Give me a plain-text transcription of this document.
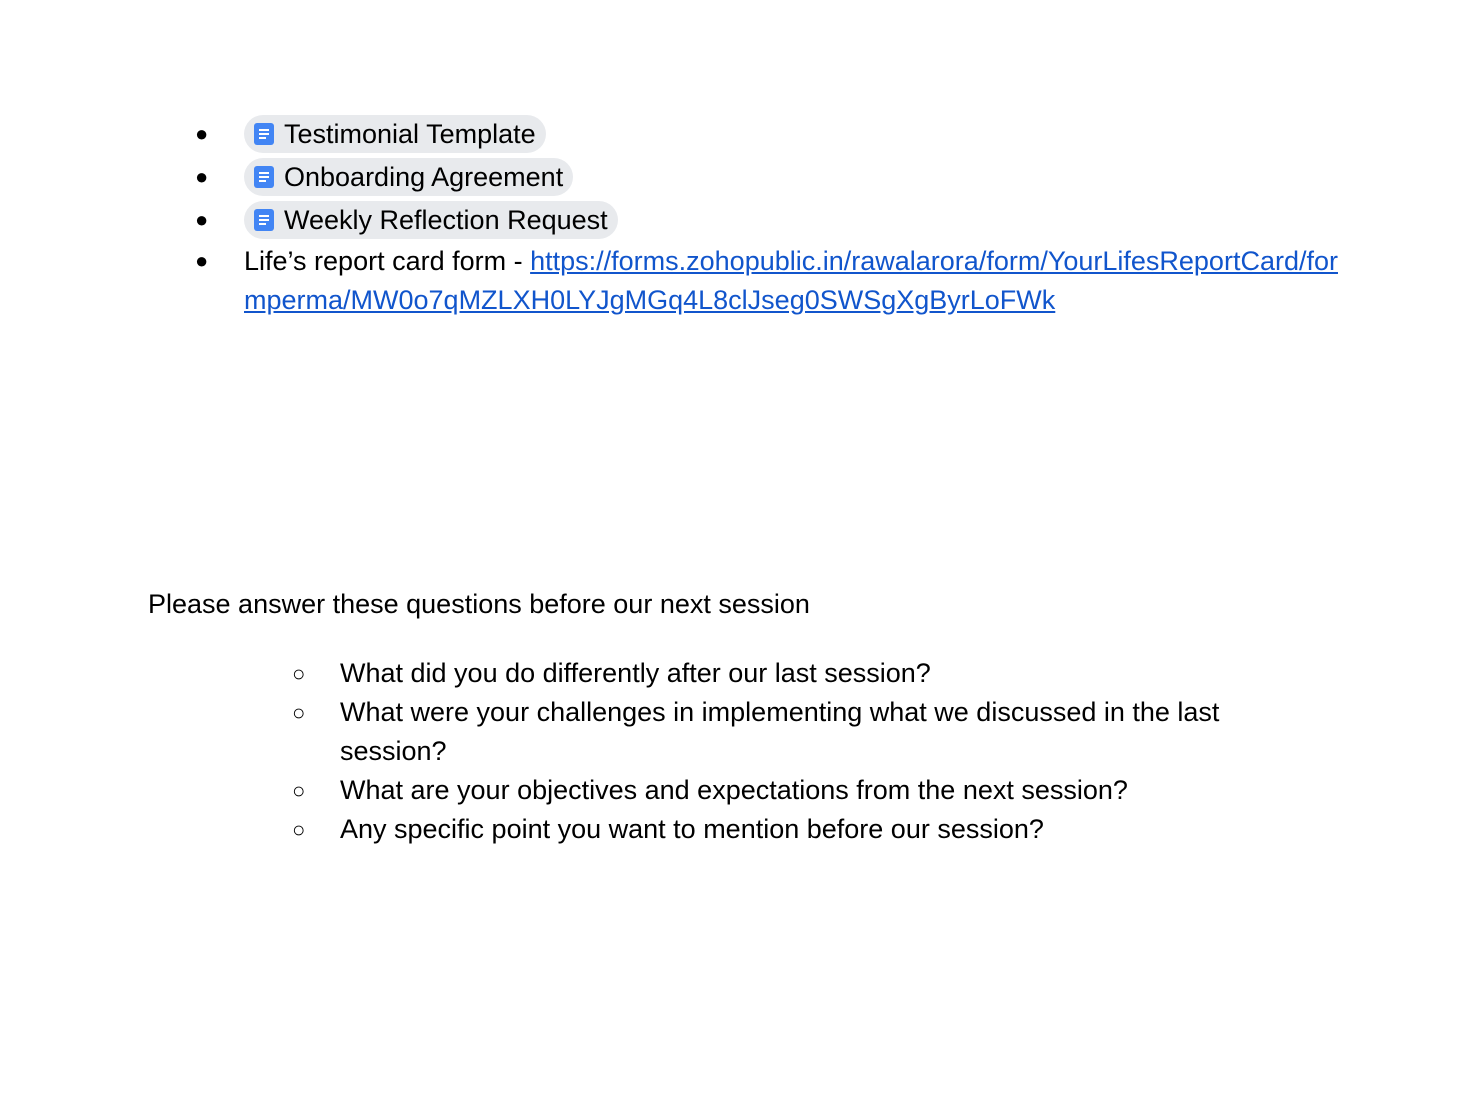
●	Testimonial Template
●	Onboarding Agreement
●	Weekly Reflection Request
● Life’s report card form - https://forms.zohopublic.in/rawalarora/form/YourLifesReportCard/formperma/MW0o7qMZLXH0LYJgMGq4L8clJseg0SWSgXgByrLoFWk
Please answer these questions before our next session
○ What did you do differently after our last session?
○ What were your challenges in implementing what we discussed in the last session?
○ What are your objectives and expectations from the next session?
○ Any specific point you want to mention before our session?
